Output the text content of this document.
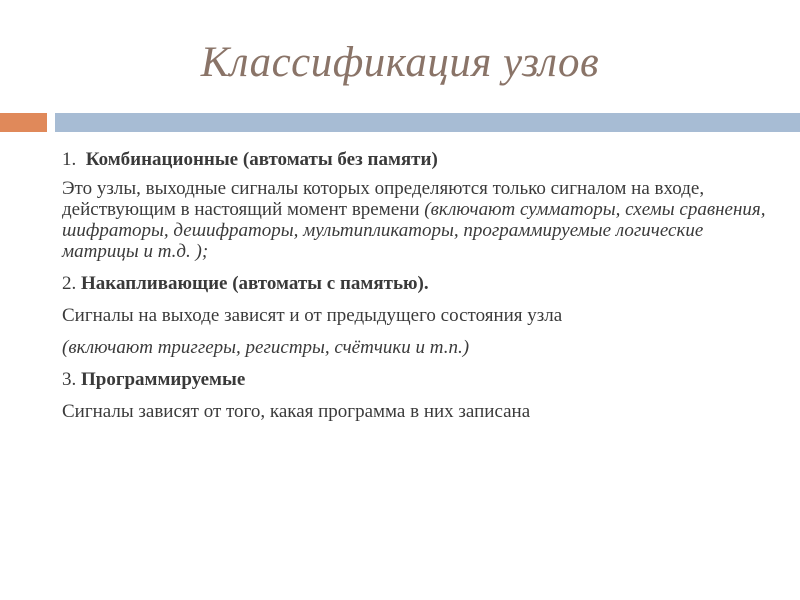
Классификация узлов

1. Комбинационные (автоматы без памяти)

Это узлы, выходные сигналы которых определяются только сигналом на входе, действующим в настоящий момент времени (включают сумматоры, схемы сравнения, шифраторы, дешифраторы, мультипликаторы, программируемые логические матрицы и т.д. );

2. Накапливающие (автоматы с памятью).

Сигналы на выходе зависят и от предыдущего состояния узла

(включают триггеры, регистры, счётчики и т.п.)

3. Программируемые

Сигналы зависят от того, какая программа в них записана
